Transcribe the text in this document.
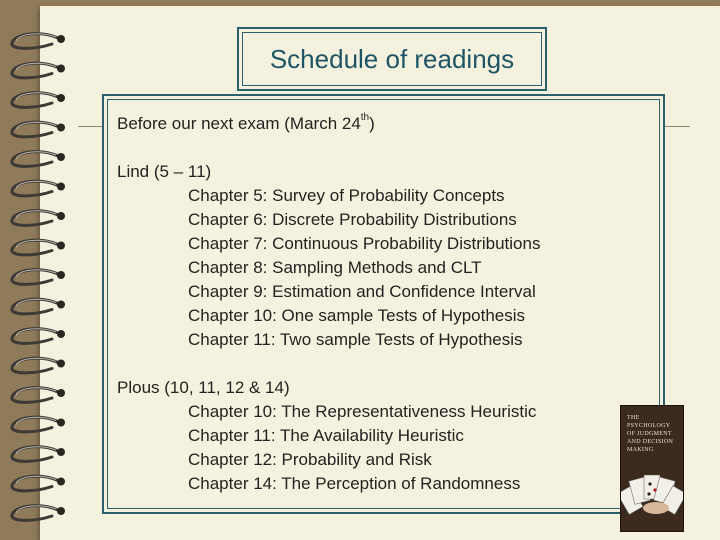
Schedule of readings
Before our next exam (March 24th)
Lind (5 – 11)
Chapter 5: Survey of Probability Concepts
Chapter 6: Discrete Probability Distributions
Chapter 7: Continuous Probability Distributions
Chapter 8: Sampling Methods and CLT
Chapter 9: Estimation and Confidence Interval
Chapter 10: One sample Tests of Hypothesis
Chapter 11: Two sample Tests of Hypothesis
Plous (10, 11, 12 & 14)
Chapter 10: The Representativeness Heuristic
Chapter 11: The Availability Heuristic
Chapter 12: Probability and Risk
Chapter 14: The Perception of Randomness
THE PSYCHOLOGY OF JUDGMENT AND DECISION MAKING
